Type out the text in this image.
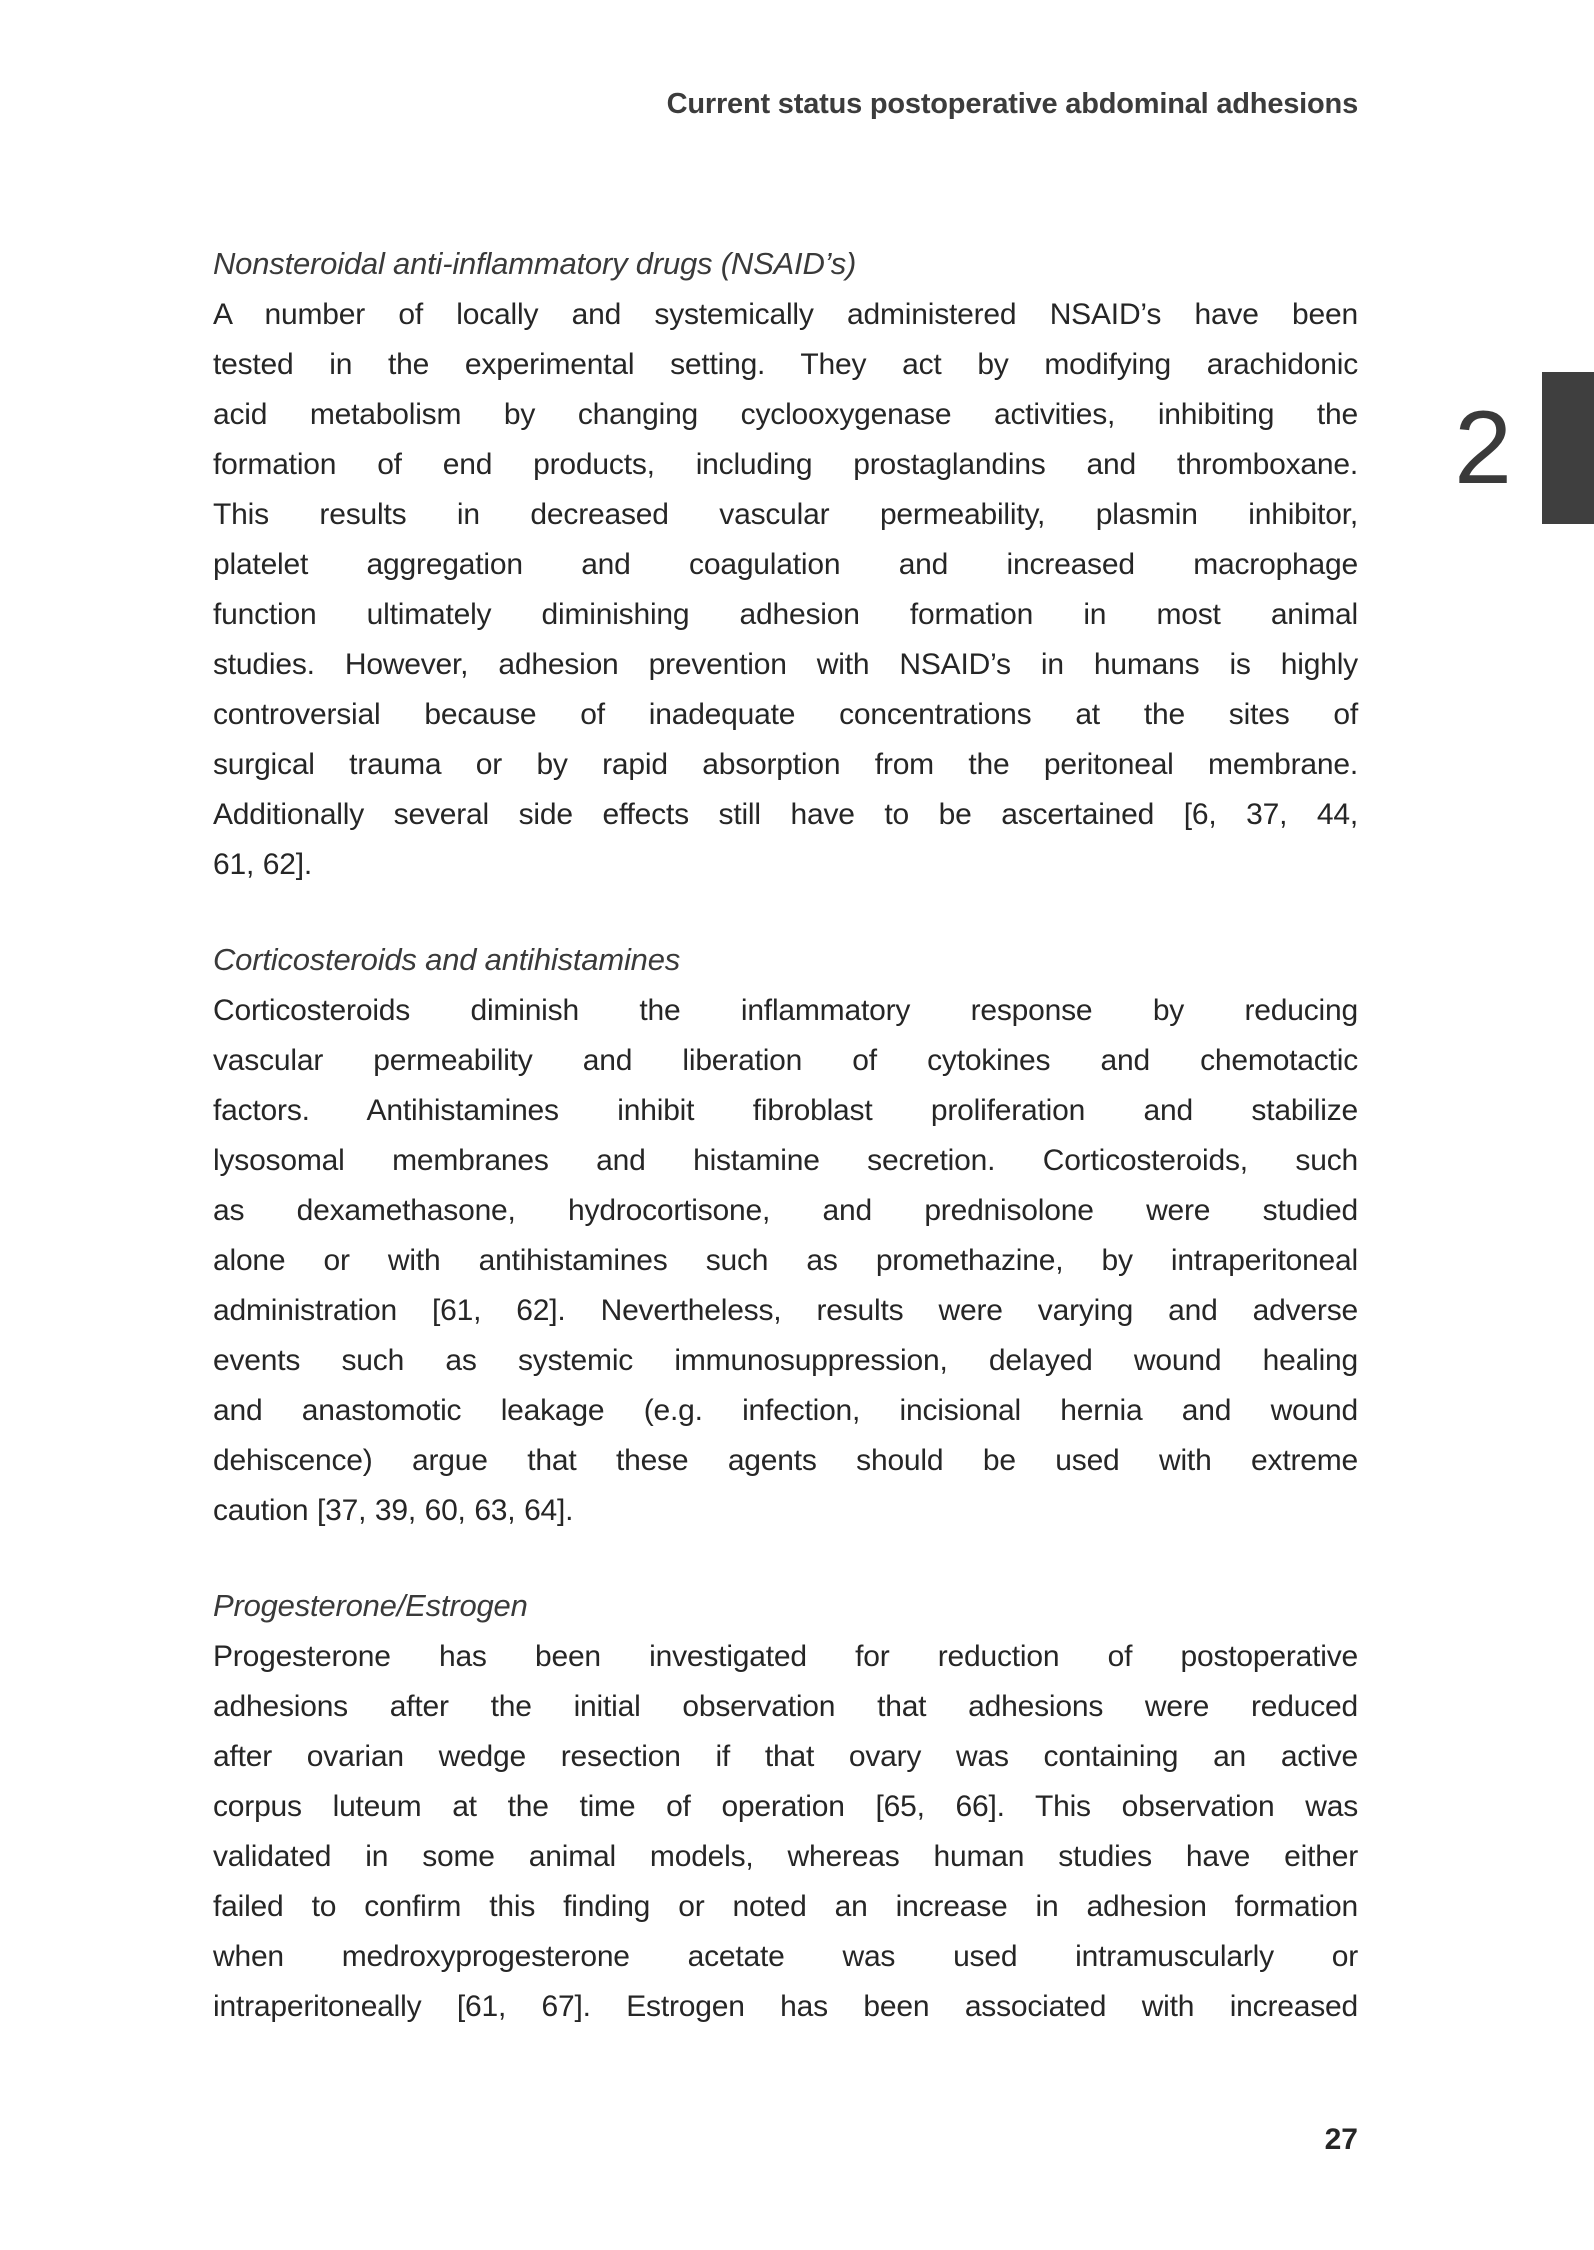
Current status postoperative abdominal adhesions
2
Nonsteroidal anti-inflammatory drugs (NSAID’s)
A number of locally and systemically administered NSAID’s have been
tested in the experimental setting. They act by modifying arachidonic
acid metabolism by changing cyclooxygenase activities, inhibiting the
formation of end products, including prostaglandins and thromboxane.
This results in decreased vascular permeability, plasmin inhibitor,
platelet aggregation and coagulation and increased macrophage
function ultimately diminishing adhesion formation in most animal
studies. However, adhesion prevention with NSAID’s in humans is highly
controversial because of inadequate concentrations at the sites of
surgical trauma or by rapid absorption from the peritoneal membrane.
Additionally several side effects still have to be ascertained [6, 37, 44,
61, 62].
Corticosteroids and antihistamines
Corticosteroids diminish the inflammatory response by reducing
vascular permeability and liberation of cytokines and chemotactic
factors. Antihistamines inhibit fibroblast proliferation and stabilize
lysosomal membranes and histamine secretion. Corticosteroids, such
as dexamethasone, hydrocortisone, and prednisolone were studied
alone or with antihistamines such as promethazine, by intraperitoneal
administration [61, 62]. Nevertheless, results were varying and adverse
events such as systemic immunosuppression, delayed wound healing
and anastomotic leakage (e.g. infection, incisional hernia and wound
dehiscence) argue that these agents should be used with extreme
caution [37, 39, 60, 63, 64].
Progesterone/Estrogen
Progesterone has been investigated for reduction of postoperative
adhesions after the initial observation that adhesions were reduced
after ovarian wedge resection if that ovary was containing an active
corpus luteum at the time of operation [65, 66]. This observation was
validated in some animal models, whereas human studies have either
failed to confirm this finding or noted an increase in adhesion formation
when medroxyprogesterone acetate was used intramuscularly or
intraperitoneally [61, 67]. Estrogen has been associated with increased
27
